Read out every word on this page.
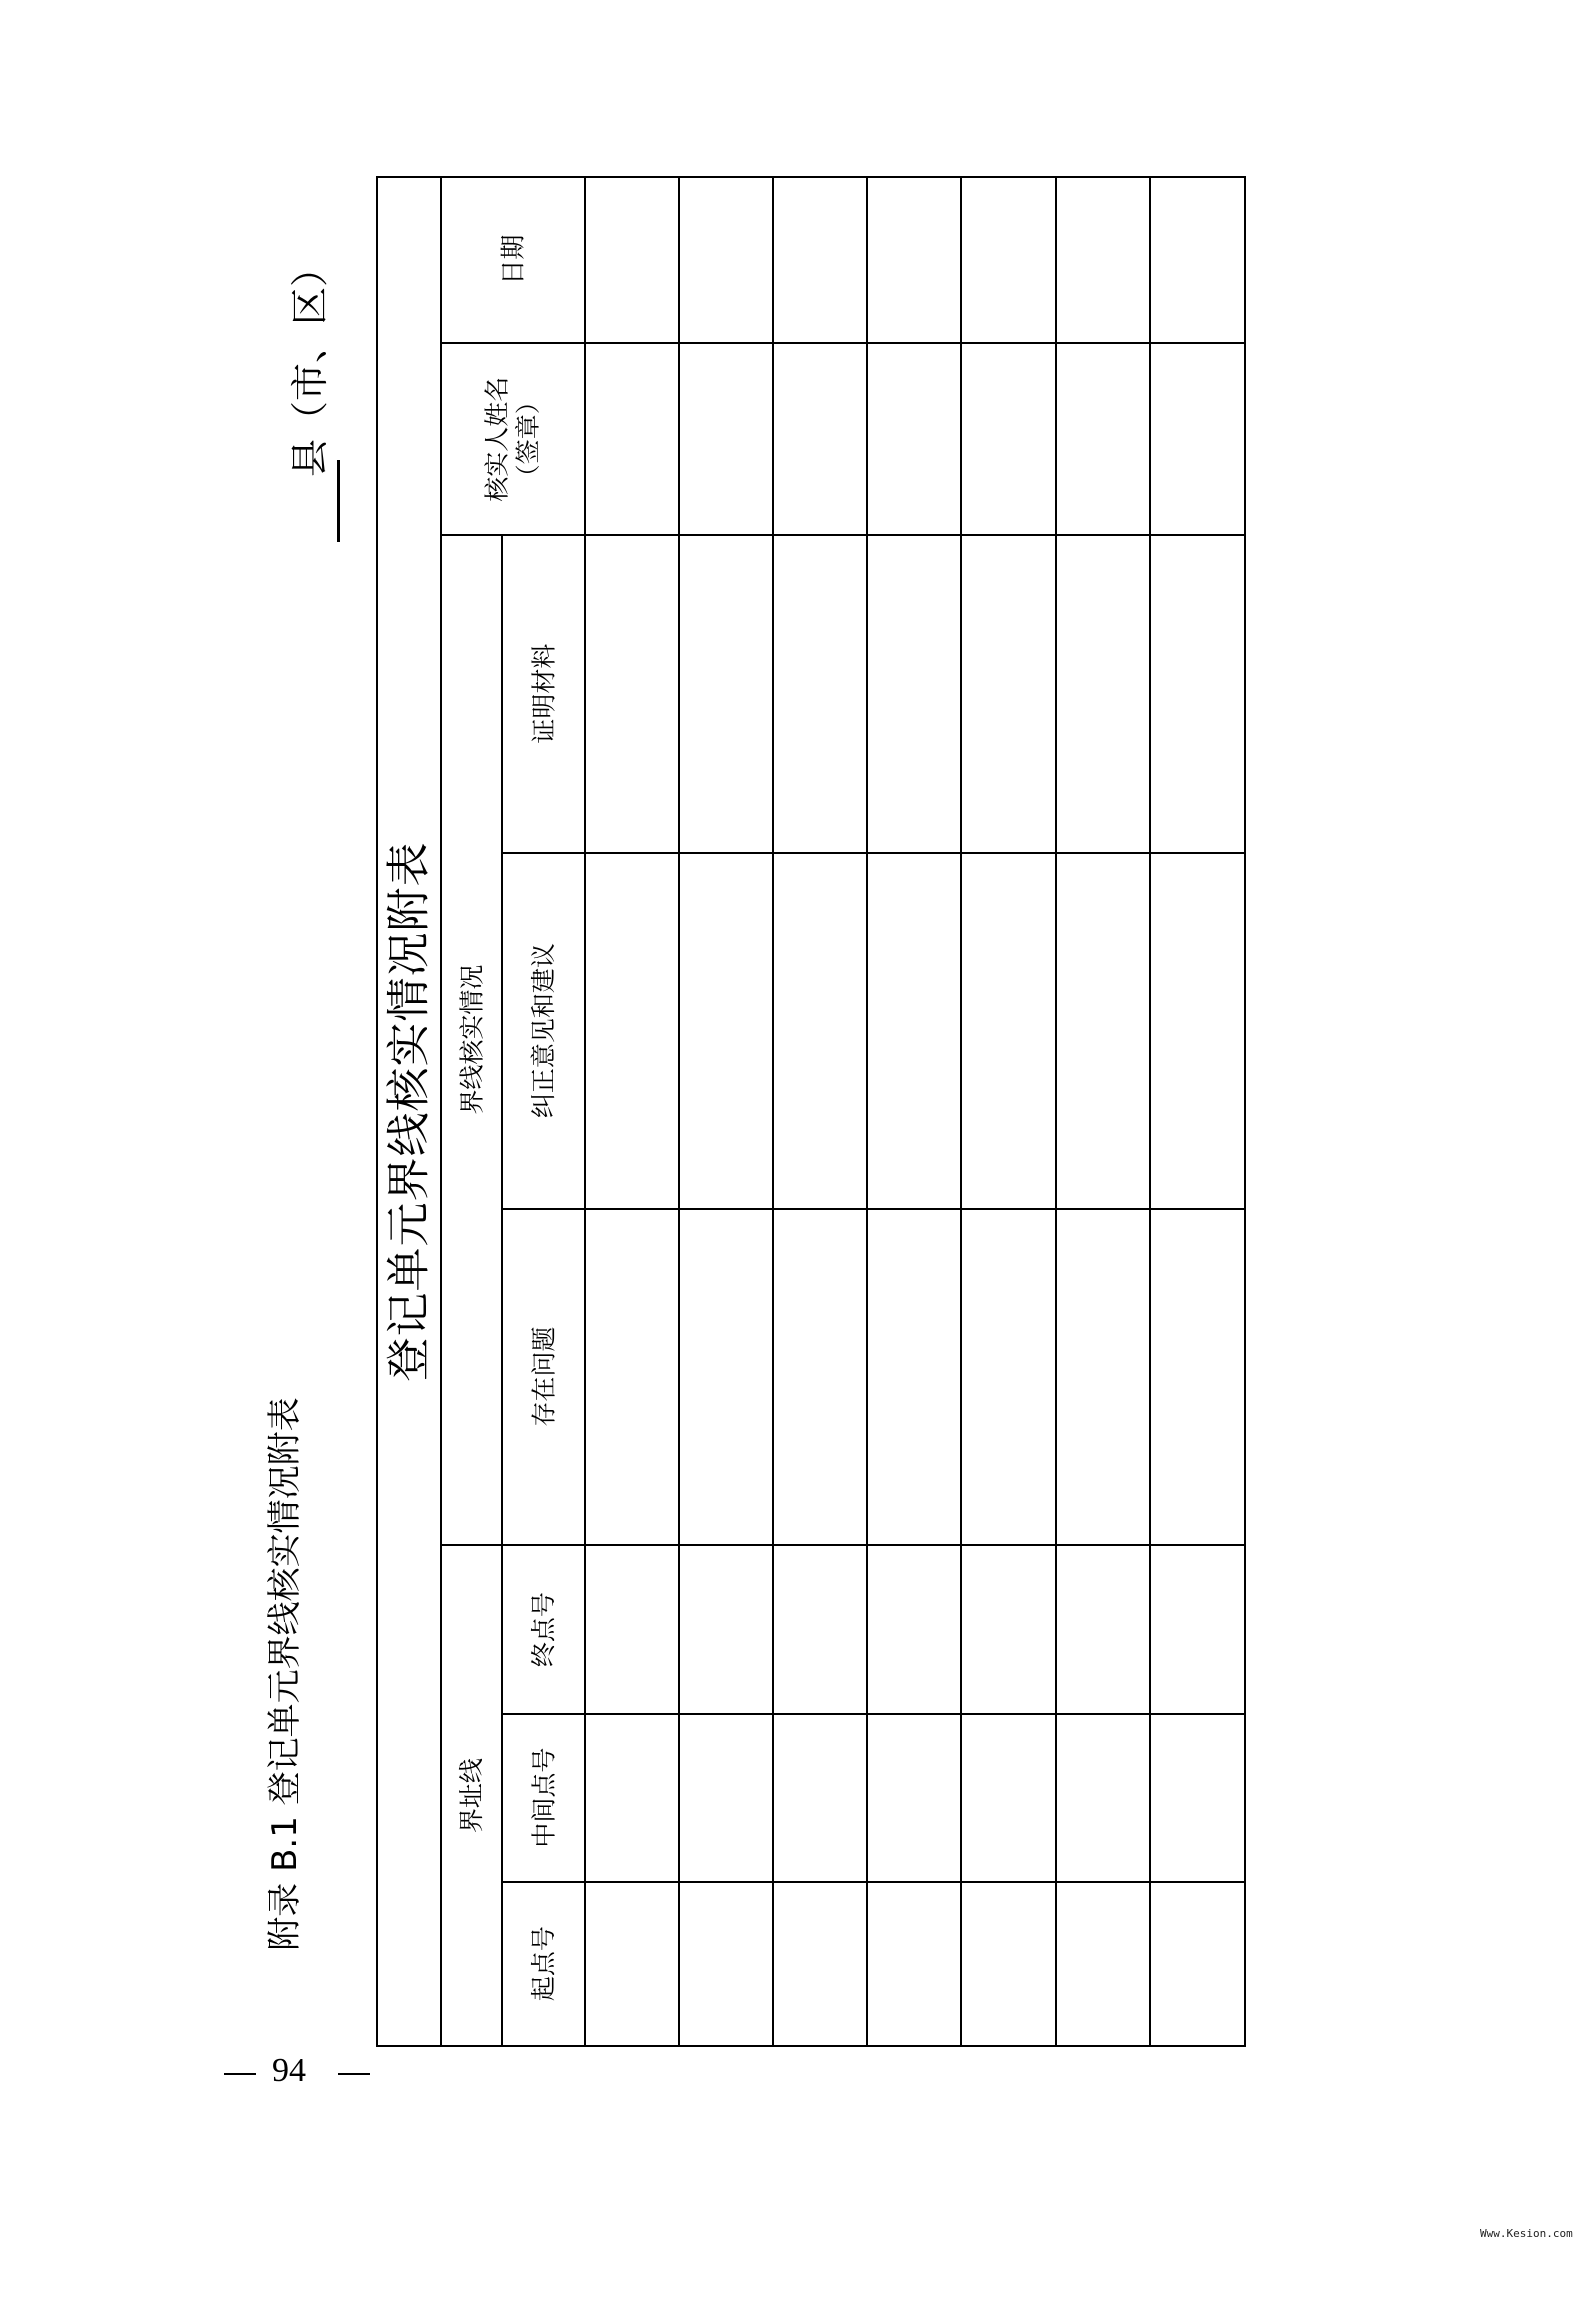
94
附录 B.1 登记单元界线核实情况附表
县（市、区）
登记单元界线核实情况附表 界线核实情况
界址线
日期
核实人姓名 （签章）
证明材料
纠正意见和建议
存在问题
终点号
中间点号
起点号
Www.Kesion.com
